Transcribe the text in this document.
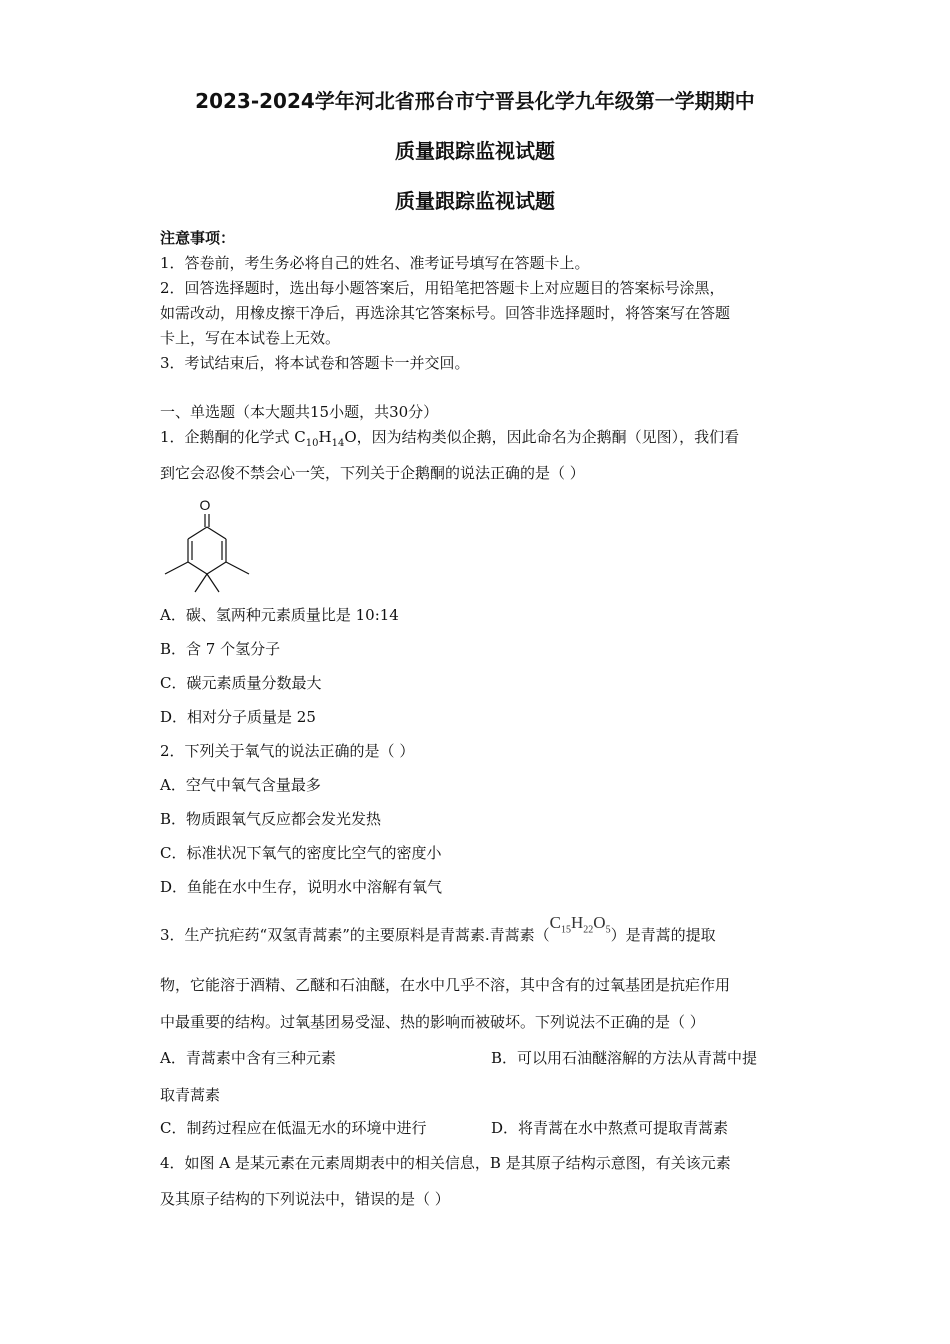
2023-2024学年河北省邢台市宁晋县化学九年级第一学期期中
质量跟踪监视试题
质量跟踪监视试题
注意事项：
1．答卷前，考生务必将自己的姓名、准考证号填写在答题卡上。
2．回答选择题时，选出每小题答案后，用铅笔把答题卡上对应题目的答案标号涂黑，
如需改动，用橡皮擦干净后，再选涂其它答案标号。回答非选择题时，将答案写在答题
卡上，写在本试卷上无效。
3．考试结束后，将本试卷和答题卡一并交回。
一、单选题（本大题共15小题，共30分）
1．企鹅酮的化学式 $C_{10}H_{14}O$，因为结构类似企鹅，因此命名为企鹅酮（见图），我们看
到它会忍俊不禁会心一笑，下列关于企鹅酮的说法正确的是（ ）
O
A．碳、氢两种元素质量比是 10:14
B．含 7 个氢分子
C．碳元素质量分数最大
D．相对分子质量是 25
2．下列关于氧气的说法正确的是（ ）
A．空气中氧气含量最多
B．物质跟氧气反应都会发光发热
C．标准状况下氧气的密度比空气的密度小
D．鱼能在水中生存，说明水中溶解有氧气
3．生产抗疟药“双氢青蒿素”的主要原料是青蒿素.青蒿素$(C_{15}H_{22}O_5)$是青蒿的提取
物，它能溶于酒精、乙醚和石油醚，在水中几乎不溶，其中含有的过氧基团是抗疟作用
中最重要的结构。过氧基团易受湿、热的影响而被破坏。下列说法不正确的是（ ）
A．青蒿素中含有三种元素	B．可以用石油醚溶解的方法从青蒿中提
取青蒿素
C．制药过程应在低温无水的环境中进行	D．将青蒿在水中熬煮可提取青蒿素
4．如图 A 是某元素在元素周期表中的相关信息，B 是其原子结构示意图，有关该元素
及其原子结构的下列说法中，错误的是（ ）
